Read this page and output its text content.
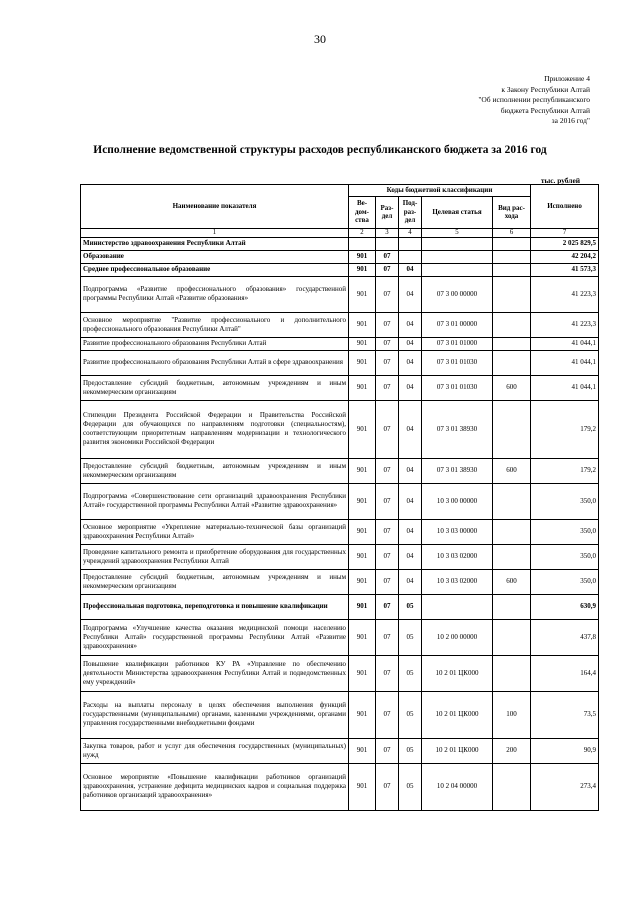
30
Приложение 4
к Закону Республики Алтай
"Об исполнении республиканского
бюджета Республики Алтай
за 2016 год"
Исполнение ведомственной структуры расходов республиканского бюджета за 2016 год
тыс. рублей
Наименование показателя	Коды бюджетной классификации					Исполнено
	Ве-дом-ства	Раз-дел	Под-раз-дел	Целевая статья	Вид рас-хода	
1	2	3	4	5	6	7
Министерство здравоохранения Республики Алтай						2 025 829,5
Образование	901	07				42 204,2
Среднее профессиональное образование	901	07	04			41 573,3
Подпрограмма «Развитие профессионального образования» государственной программы Республики Алтай «Развитие образования»	901	07	04	07 3 00 00000		41 223,3
Основное мероприятие "Развитие профессионального и дополнительного профессионального образования Республики Алтай"	901	07	04	07 3 01 00000		41 223,3
Развитие профессионального образования Республики Алтай	901	07	04	07 3 01 01000		41 044,1
Развитие профессионального образования Республики Алтай в сфере здравоохранения	901	07	04	07 3 01 01030		41 044,1
Предоставление субсидий бюджетным, автономным учреждениям и иным некоммерческим организациям	901	07	04	07 3 01 01030	600	41 044,1
Стипендии Президента Российской Федерации и Правительства Российской Федерации для обучающихся по направлениям подготовки (специальностям), соответствующим приоритетным направлениям модернизации и технологического развития экономики Российской Федерации	901	07	04	07 3 01 38930		179,2
Предоставление субсидий бюджетным, автономным учреждениям и иным некоммерческим организациям	901	07	04	07 3 01 38930	600	179,2
Подпрограмма «Совершенствование сети организаций здравоохранения Республики Алтай» государственной программы Республики Алтай «Развитие здравоохранения»	901	07	04	10 3 00 00000		350,0
Основное мероприятие «Укрепление материально-технической базы организаций здравоохранения Республики Алтай»	901	07	04	10 3 03 00000		350,0
Проведение капитального ремонта и приобретение оборудования для государственных учреждений здравоохранения Республики Алтай	901	07	04	10 3 03 02000		350,0
Предоставление субсидий бюджетным, автономным учреждениям и иным некоммерческим организациям	901	07	04	10 3 03 02000	600	350,0
Профессиональная подготовка, переподготовка и повышение квалификации	901	07	05			630,9
Подпрограмма «Улучшение качества оказания медицинской помощи населению Республики Алтай» государственной программы Республики Алтай «Развитие здравоохранения»	901	07	05	10 2 00 00000		437,8
Повышение квалификации работников КУ РА «Управление по обеспечению деятельности Министерства здравоохранения Республики Алтай и подведомственных ему учреждений»	901	07	05	10 2 01 ЦК000		164,4
Расходы на выплаты персоналу в целях обеспечения выполнения функций государственными (муниципальными) органами, казенными учреждениями, органами управления государственными внебюджетными фондами	901	07	05	10 2 01 ЦК000	100	73,5
Закупка товаров, работ и услуг для обеспечения государственных (муниципальных) нужд	901	07	05	10 2 01 ЦК000	200	90,9
Основное мероприятие «Повышение квалификации работников организаций здравоохранения, устранение дефицита медицинских кадров и социальная поддержка работников организаций здравоохранения»	901	07	05	10 2 04 00000		273,4
